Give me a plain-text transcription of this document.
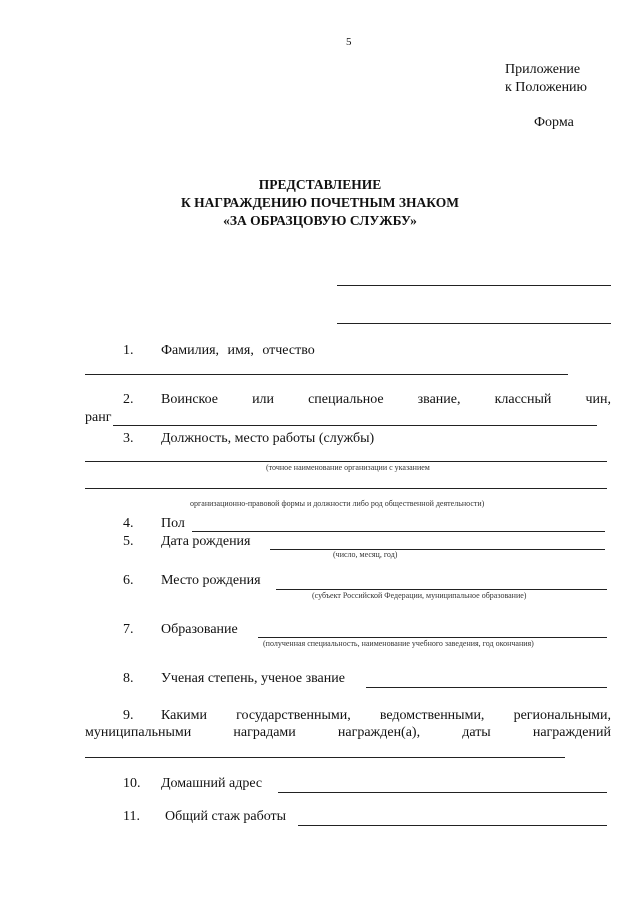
5
Приложение
к Положению
Форма
ПРЕДСТАВЛЕНИЕ
К НАГРАЖДЕНИЮ ПОЧЕТНЫМ ЗНАКОМ
«ЗА ОБРАЗЦОВУЮ СЛУЖБУ»
1. Фамилия, имя, отчество
2. Воинское или специальное звание, классный чин,
ранг
3. Должность, место работы (службы)
(точное наименование организации с указанием
организационно-правовой формы и должности либо род общественной деятельности)
4. Пол
5. Дата рождения
(число, месяц, год)
6. Место рождения
(субъект Российской Федерации, муниципальное образование)
7. Образование
(полученная специальность, наименование учебного заведения, год окончания)
8. Ученая степень, ученое звание
9. Какими государственными, ведомственными, региональными,
муниципальными	наградами	награжден(а),	даты	награждений
10. Домашний адрес
11. Общий стаж работы
